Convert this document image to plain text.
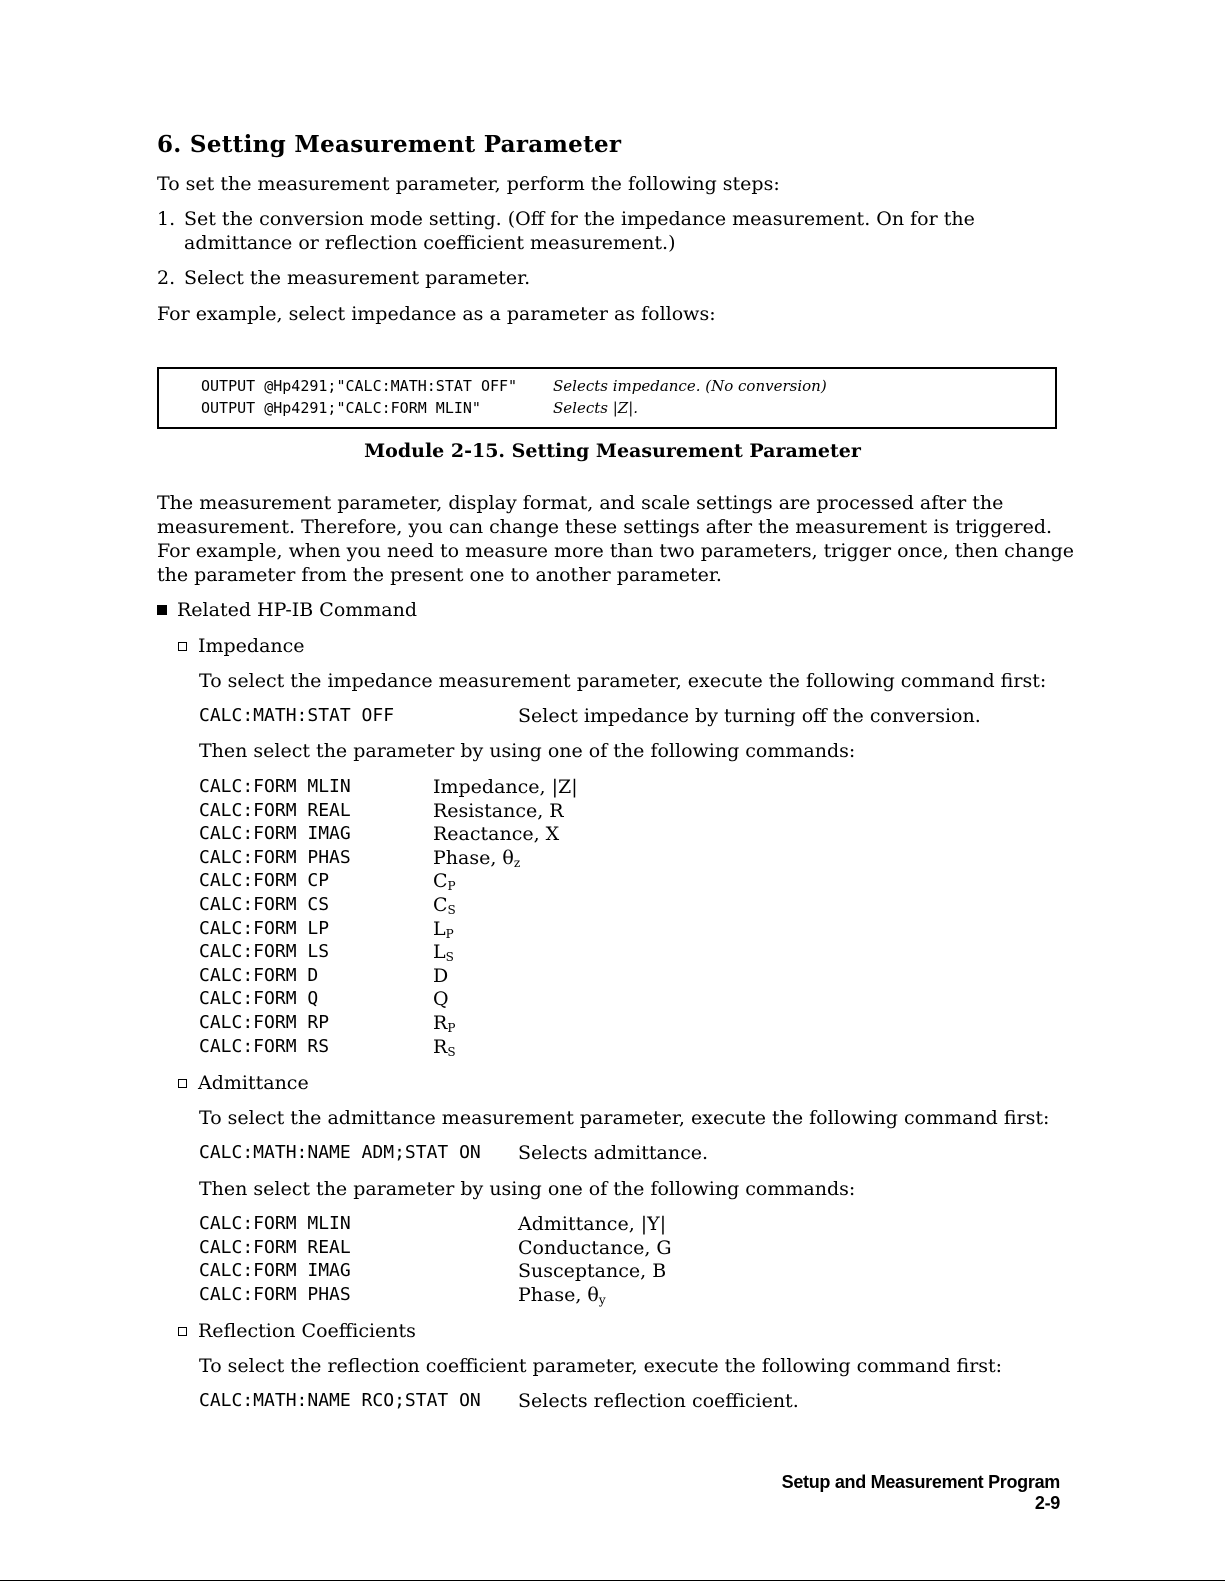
6. Setting Measurement Parameter
To set the measurement parameter, perform the following steps:
1. Set the conversion mode setting. (Off for the impedance measurement. On for the
admittance or reflection coefficient measurement.)
2. Select the measurement parameter.
For example, select impedance as a parameter as follows:
OUTPUT @Hp4291;"CALC:MATH:STAT OFF" Selects impedance. (No conversion)
OUTPUT @Hp4291;"CALC:FORM MLIN"	Selects |Z|.
Module 2-15. Setting Measurement Parameter
The measurement parameter, display format, and scale settings are processed after the
measurement. Therefore, you can change these settings after the measurement is triggered.
For example, when you need to measure more than two parameters, trigger once, then change
the parameter from the present one to another parameter.
Related HP-IB Command
Impedance
To select the impedance measurement parameter, execute the following command first:
CALC:MATH:STAT OFF	Select impedance by turning off the conversion.
Then select the parameter by using one of the following commands:
CALC:FORM MLIN	Impedance, |Z|
CALC:FORM REAL	Resistance, R
CALC:FORM IMAG	Reactance, X
CALC:FORM PHAS	Phase, $\theta_z$
CALC:FORM CP	$C_P$
CALC:FORM CS	$C_S$
CALC:FORM LP	$L_P$
CALC:FORM LS	$L_S$
CALC:FORM D	D
CALC:FORM Q	Q
CALC:FORM RP	$R_P$
CALC:FORM RS	$R_S$
Admittance
To select the admittance measurement parameter, execute the following command first:
CALC:MATH:NAME ADM;STAT ON Selects admittance.
Then select the parameter by using one of the following commands:
CALC:FORM MLIN	Admittance, |Y|
CALC:FORM REAL	Conductance, G
CALC:FORM IMAG	Susceptance, B
CALC:FORM PHAS	Phase, $\theta_y$
Reflection Coefficients
To select the reflection coefficient parameter, execute the following command first:
CALC:MATH:NAME RCO;STAT ON Selects reflection coefficient.
Setup and Measurement Program 2-9
